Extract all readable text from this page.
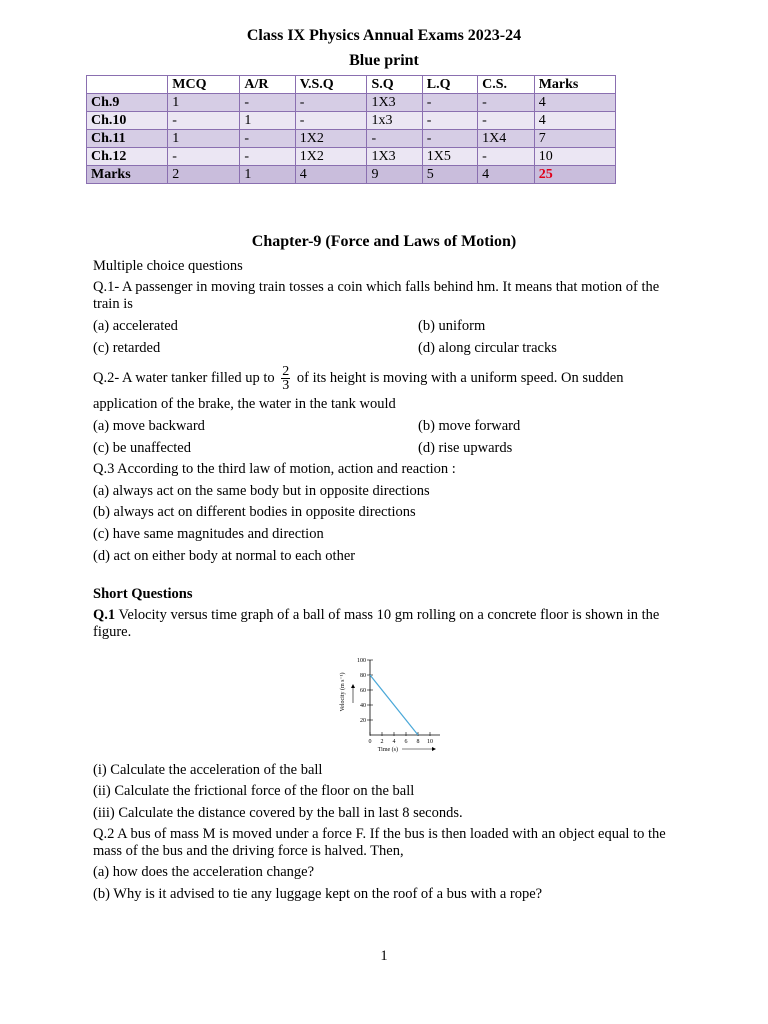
Class IX Physics Annual Exams 2023-24
Blue print
	MCQ	A/R	V.S.Q	S.Q	L.Q	C.S.	Marks
Ch.9	1	-	-	1X3	-	-	4
Ch.10	-	1	-	1x3	-	-	4
Ch.11	1	-	1X2	-	-	1X4	7
Ch.12	-	-	1X2	1X3	1X5	-	10
Marks	2	1	4	9	5	4	25
Chapter-9 (Force and Laws of Motion)
Multiple choice questions
Q.1- A passenger in moving train tosses a coin which falls behind hm. It means that motion of the train is
(a) accelerated	(b) uniform
(c) retarded	(d) along circular tracks
Q.2- A water tanker filled up to $\frac{2}{3}$ of its height is moving with a uniform speed. On sudden
application of the brake, the water in the tank would
(a) move backward	(b) move forward
(c) be unaffected	(d) rise upwards
Q.3 According to the third law of motion, action and reaction :
(a) always act on the same body but in opposite directions
(b) always act on different bodies in opposite directions
(c) have same magnitudes and direction
(d) act on either body at normal to each other
Short Questions
Q.1 Velocity versus time graph of a ball of mass 10 gm rolling on a concrete floor is shown in the figure.
20
40
60
80
100
0 2 4 6 8 10
Velocity (m s⁻¹)
Time (s)
(i) Calculate the acceleration of the ball
(ii) Calculate the frictional force of the floor on the ball
(iii) Calculate the distance covered by the ball in last 8 seconds.
Q.2 A bus of mass M is moved under a force F. If the bus is then loaded with an object equal to the mass of the bus and the driving force is halved. Then,
(a) how does the acceleration change?
(b) Why is it advised to tie any luggage kept on the roof of a bus with a rope?
1
